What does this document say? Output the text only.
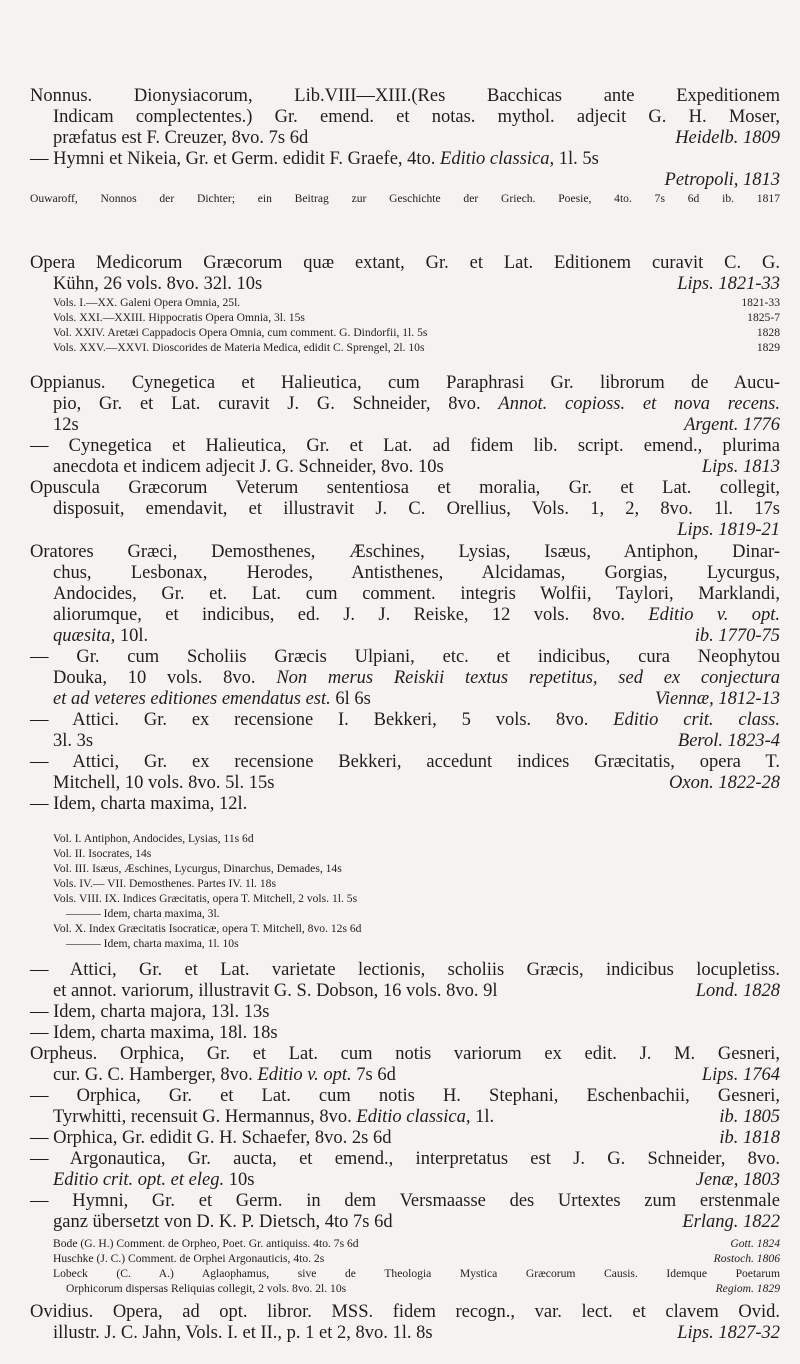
Nonnus. Dionysiacorum, Lib.VIII—XIII.(Res Bacchicas ante Expeditionem
Indicam complectentes.) Gr. emend. et notas. mythol. adjecit G. H. Moser,
præfatus est F. Creuzer, 8vo. 7s 6d	Heidelb. 1809
— Hymni et Nikeia, Gr. et Germ. edidit F. Graefe, 4to. Editio classica, 1l. 5s
Petropoli, 1813
Ouwaroff, Nonnos der Dichter; ein Beitrag zur Geschichte der Griech. Poesie, 4to. 7s 6d ib. 1817
Opera Medicorum Græcorum quæ extant, Gr. et Lat. Editionem curavit C. G.
Kühn, 26 vols. 8vo. 32l. 10s	Lips. 1821-33
Vols. I.—XX. Galeni Opera Omnia, 25l.	1821-33
Vols. XXI.—XXIII. Hippocratis Opera Omnia, 3l. 15s	1825-7
Vol. XXIV. Aretæi Cappadocis Opera Omnia, cum comment. G. Dindorfii, 1l. 5s	1828
Vols. XXV.—XXVI. Dioscorides de Materia Medica, edidit C. Sprengel, 2l. 10s	1829
Oppianus. Cynegetica et Halieutica, cum Paraphrasi Gr. librorum de Aucu-
pio, Gr. et Lat. curavit J. G. Schneider, 8vo. Annot. copioss. et nova recens.
12s	Argent. 1776
— Cynegetica et Halieutica, Gr. et Lat. ad fidem lib. script. emend., plurima
anecdota et indicem adjecit J. G. Schneider, 8vo. 10s	Lips. 1813
Opuscula Græcorum Veterum sententiosa et moralia, Gr. et Lat. collegit,
disposuit, emendavit, et illustravit J. C. Orellius, Vols. 1, 2, 8vo. 1l. 17s
Lips. 1819-21
Oratores Græci, Demosthenes, Æschines, Lysias, Isæus, Antiphon, Dinar-
chus, Lesbonax, Herodes, Antisthenes, Alcidamas, Gorgias, Lycurgus,
Andocides, Gr. et. Lat. cum comment. integris Wolfii, Taylori, Marklandi,
aliorumque, et indicibus, ed. J. J. Reiske, 12 vols. 8vo. Editio v. opt.
quæsita, 10l.	ib. 1770-75
— Gr. cum Scholiis Græcis Ulpiani, etc. et indicibus, cura Neophytou
Douka, 10 vols. 8vo. Non merus Reiskii textus repetitus, sed ex conjectura
et ad veteres editiones emendatus est. 6l 6s	Viennæ, 1812-13
— Attici. Gr. ex recensione I. Bekkeri, 5 vols. 8vo. Editio crit. class.
3l. 3s	Berol. 1823-4
— Attici, Gr. ex recensione Bekkeri, accedunt indices Græcitatis, opera T.
Mitchell, 10 vols. 8vo. 5l. 15s	Oxon. 1822-28
— Idem, charta maxima, 12l.
Vol. I. Antiphon, Andocides, Lysias, 11s 6d
Vol. II. Isocrates, 14s
Vol. III. Isæus, Æschines, Lycurgus, Dinarchus, Demades, 14s
Vols. IV.— VII. Demosthenes. Partes IV. 1l. 18s
Vols. VIII. IX. Indices Græcitatis, opera T. Mitchell, 2 vols. 1l. 5s
——— Idem, charta maxima, 3l.
Vol. X. Index Græcitatis Isocraticæ, opera T. Mitchell, 8vo. 12s 6d
——— Idem, charta maxima, 1l. 10s
— Attici, Gr. et Lat. varietate lectionis, scholiis Græcis, indicibus locupletiss.
et annot. variorum, illustravit G. S. Dobson, 16 vols. 8vo. 9l	Lond. 1828
— Idem, charta majora, 13l. 13s
— Idem, charta maxima, 18l. 18s
Orpheus. Orphica, Gr. et Lat. cum notis variorum ex edit. J. M. Gesneri,
cur. G. C. Hamberger, 8vo. Editio v. opt. 7s 6d	Lips. 1764
— Orphica, Gr. et Lat. cum notis H. Stephani, Eschenbachii, Gesneri,
Tyrwhitti, recensuit G. Hermannus, 8vo. Editio classica, 1l.	ib. 1805
— Orphica, Gr. edidit G. H. Schaefer, 8vo. 2s 6d	ib. 1818
— Argonautica, Gr. aucta, et emend., interpretatus est J. G. Schneider, 8vo.
Editio crit. opt. et eleg. 10s	Jenæ, 1803
— Hymni, Gr. et Germ. in dem Versmaasse des Urtextes zum erstenmale
ganz übersetzt von D. K. P. Dietsch, 4to 7s 6d	Erlang. 1822
Bode (G. H.) Comment. de Orpheo, Poet. Gr. antiquiss. 4to. 7s 6d	Gott. 1824
Huschke (J. C.) Comment. de Orphei Argonauticis, 4to. 2s	Rostoch. 1806
Lobeck (C. A.) Aglaophamus, sive de Theologia Mystica Græcorum Causis. Idemque Poetarum
Orphicorum dispersas Reliquias collegit, 2 vols. 8vo. 2l. 10s	Regiom. 1829
Ovidius. Opera, ad opt. libror. MSS. fidem recogn., var. lect. et clavem Ovid.
illustr. J. C. Jahn, Vols. I. et II., p. 1 et 2, 8vo. 1l. 8s	Lips. 1827-32
